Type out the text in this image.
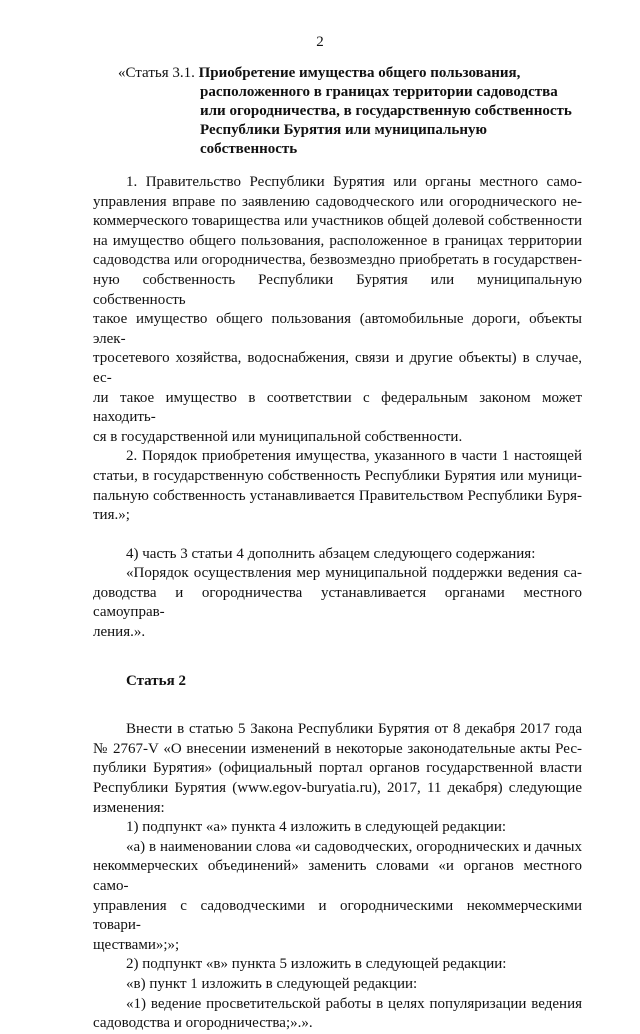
2
«Статья 3.1. Приобретение имущества общего пользования,
расположенного в границах территории садоводства
или огородничества, в государственную собственность
Республики Бурятия или муниципальную
собственность
1. Правительство Республики Бурятия или органы местного само-
управления вправе по заявлению садоводческого или огороднического не-
коммерческого товарищества или участников общей долевой собственности
на имущество общего пользования, расположенное в границах территории
садоводства или огородничества, безвозмездно приобретать в государствен-
ную собственность Республики Бурятия или муниципальную собственность
такое имущество общего пользования (автомобильные дороги, объекты элек-
тросетевого хозяйства, водоснабжения, связи и другие объекты) в случае, ес-
ли такое имущество в соответствии с федеральным законом может находить-
ся в государственной или муниципальной собственности.
2. Порядок приобретения имущества, указанного в части 1 настоящей
статьи, в государственную собственность Республики Бурятия или муници-
пальную собственность устанавливается Правительством Республики Буря-
тия.»;
4) часть 3 статьи 4 дополнить абзацем следующего содержания:
«Порядок осуществления мер муниципальной поддержки ведения са-
доводства и огородничества устанавливается органами местного самоуправ-
ления.».

Статья 2

Внести в статью 5 Закона Республики Бурятия от 8 декабря 2017 года
№ 2767-V «О внесении изменений в некоторые законодательные акты Рес-
публики Бурятия» (официальный портал органов государственной власти
Республики Бурятия (www.egov-buryatia.ru), 2017, 11 декабря) следующие
изменения:
1) подпункт «а» пункта 4 изложить в следующей редакции:
«а) в наименовании слова «и садоводческих, огороднических и дачных
некоммерческих объединений» заменить словами «и органов местного само-
управления с садоводческими и огородническими некоммерческими товари-
ществами»;»;
2) подпункт «в» пункта 5 изложить в следующей редакции:
«в) пункт 1 изложить в следующей редакции:
«1) ведение просветительской работы в целях популяризации ведения
садоводства и огородничества;».».
